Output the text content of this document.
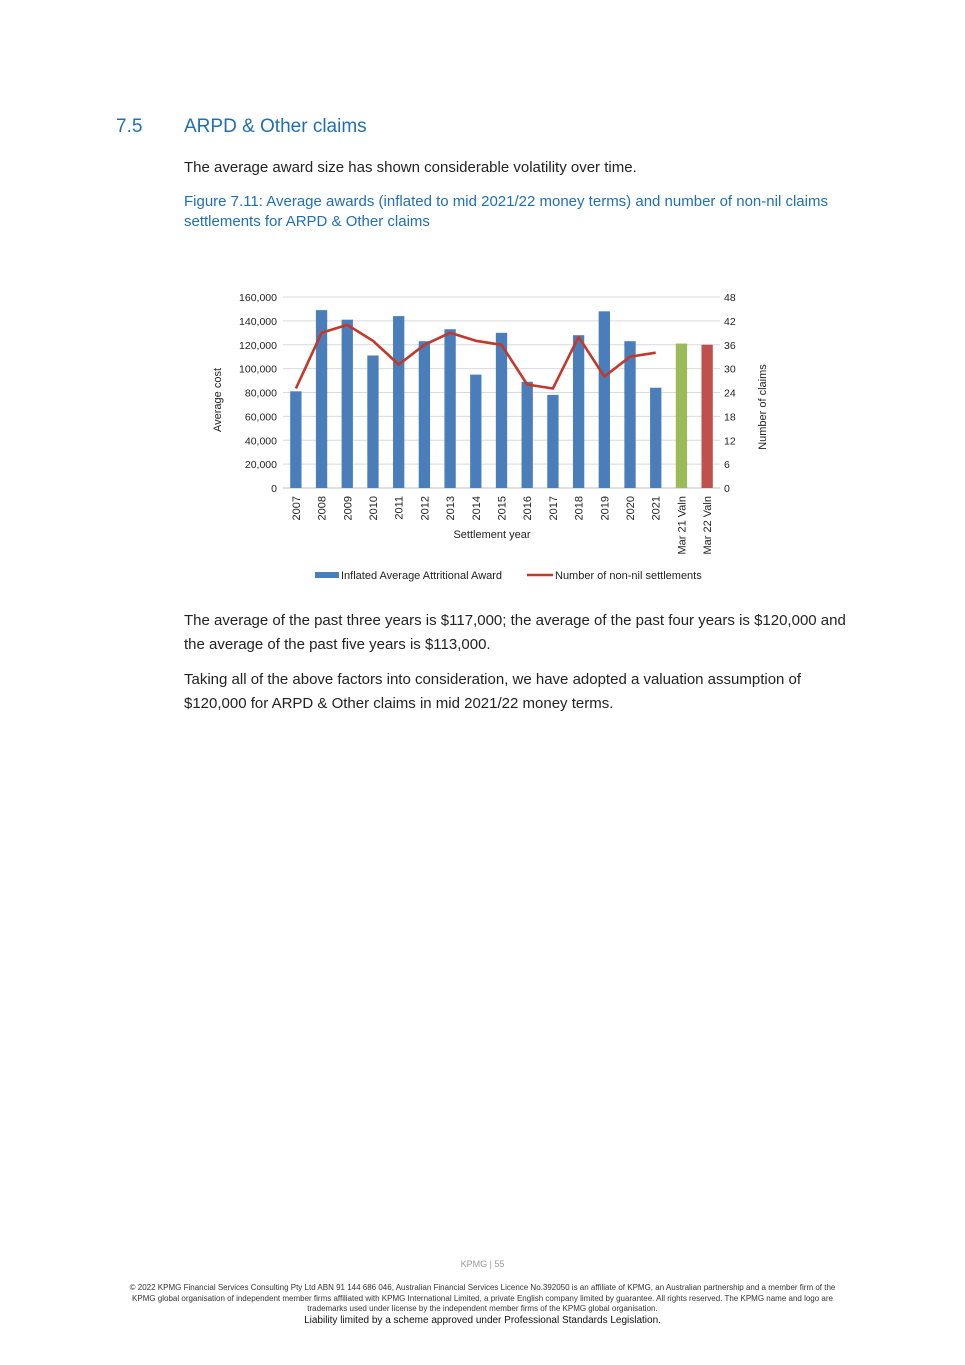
7.5 ARPD & Other claims
The average award size has shown considerable volatility over time.
Figure 7.11: Average awards (inflated to mid 2021/22 money terms) and number of non-nil claims settlements for ARPD & Other claims
0
20,000
40,000
60,000
80,000
100,000
120,000
140,000
160,000
0
6
12
18
24
30
36
42
48
2007 2008 2009 2010 2011 2012 2013 2014 2015 2016 2017 2018 2019 2020 2021 Mar 21 Valn Mar 22 Valn
Settlement year
Average cost	Number of claims
Inflated Average Attritional Award	Number of non-nil settlements
The average of the past three years is $117,000; the average of the past four years is $120,000 and the average of the past five years is $113,000.
Taking all of the above factors into consideration, we have adopted a valuation assumption of $120,000 for ARPD & Other claims in mid 2021/22 money terms.
KPMG | 55
© 2022 KPMG Financial Services Consulting Pty Ltd ABN 91 144 686 046, Australian Financial Services Licence No.392050 is an affiliate of KPMG, an Australian partnership and a member firm of the KPMG global organisation of independent member firms affiliated with KPMG International Limited, a private English company limited by guarantee. All rights reserved. The KPMG name and logo are trademarks used under license by the independent member firms of the KPMG global organisation.
Liability limited by a scheme approved under Professional Standards Legislation.
